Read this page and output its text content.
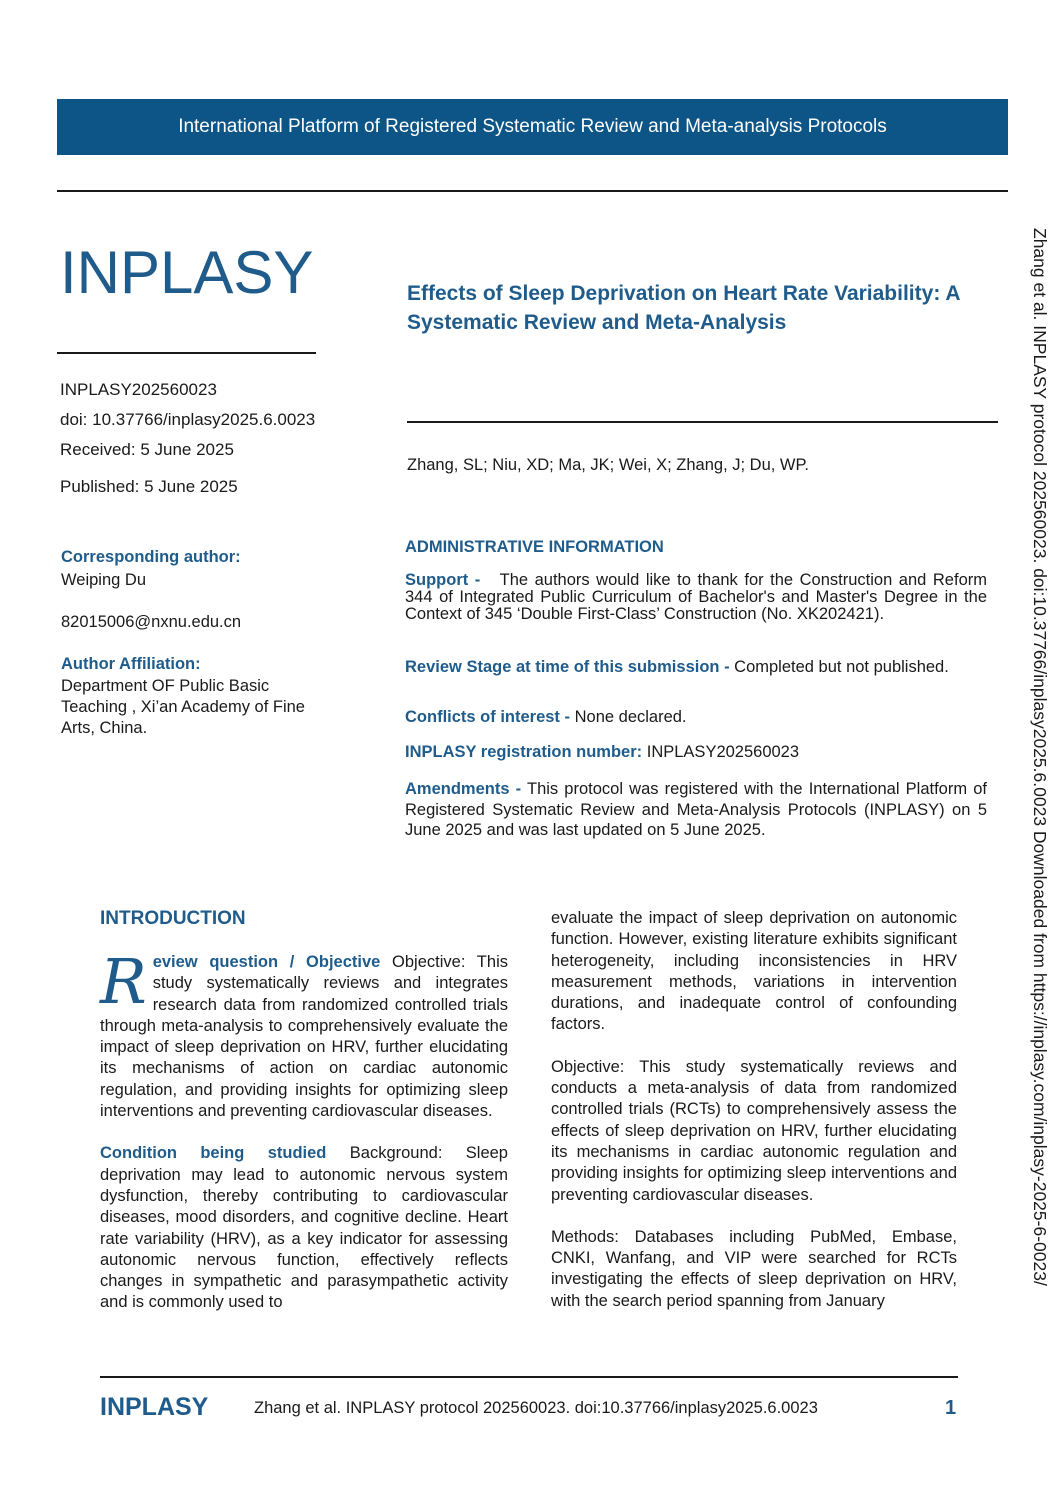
International Platform of Registered Systematic Review and Meta-analysis Protocols
INPLASY	Effects of Sleep Deprivation on Heart Rate Variability: A Systematic Review and Meta-Analysis
INPLASY202560023
doi: 10.37766/inplasy2025.6.0023
Received: 5 June 2025
Published: 5 June 2025
Zhang, SL; Niu, XD; Ma, JK; Wei, X; Zhang, J; Du, WP.
Corresponding author:
Weiping Du
82015006@nxnu.edu.cn
Author Affiliation:
Department OF Public Basic Teaching , Xi’an Academy of Fine Arts, China.
ADMINISTRATIVE INFORMATION
Support - The authors would like to thank for the Construction and Reform 344 of Integrated Public Curriculum of Bachelor's and Master's Degree in the Context of 345 ‘Double First-Class’ Construction (No. XK202421).
Review Stage at time of this submission - Completed but not published.
Conflicts of interest - None declared.
INPLASY registration number: INPLASY202560023
Amendments - This protocol was registered with the International Platform of Registered Systematic Review and Meta-Analysis Protocols (INPLASY) on 5 June 2025 and was last updated on 5 June 2025.
INTRODUCTION
R eview question / Objective Objective: This study systematically reviews and integrates research data from randomized controlled trials through meta-analysis to comprehensively evaluate the impact of sleep deprivation on HRV, further elucidating its mechanisms of action on cardiac autonomic regulation, and providing insights for optimizing sleep interventions and preventing cardiovascular diseases.
Condition being studied Background: Sleep deprivation may lead to autonomic nervous system dysfunction, thereby contributing to cardiovascular diseases, mood disorders, and cognitive decline. Heart rate variability (HRV), as a key indicator for assessing autonomic nervous function, effectively reflects changes in sympathetic and parasympathetic activity and is commonly used to
evaluate the impact of sleep deprivation on autonomic function. However, existing literature exhibits significant heterogeneity, including inconsistencies in HRV measurement methods, variations in intervention durations, and inadequate control of confounding factors.
Objective: This study systematically reviews and conducts a meta-analysis of data from randomized controlled trials (RCTs) to comprehensively assess the effects of sleep deprivation on HRV, further elucidating its mechanisms in cardiac autonomic regulation and providing insights for optimizing sleep interventions and preventing cardiovascular diseases.
Methods: Databases including PubMed, Embase, CNKI, Wanfang, and VIP were searched for RCTs investigating the effects of sleep deprivation on HRV, with the search period spanning from January
Zhang et al. INPLASY protocol 202560023. doi:10.37766/inplasy2025.6.0023 Downloaded from https://inplasy.com/inplasy-2025-6-0023/
INPLASY	Zhang et al. INPLASY protocol 202560023. doi:10.37766/inplasy2025.6.0023	1
